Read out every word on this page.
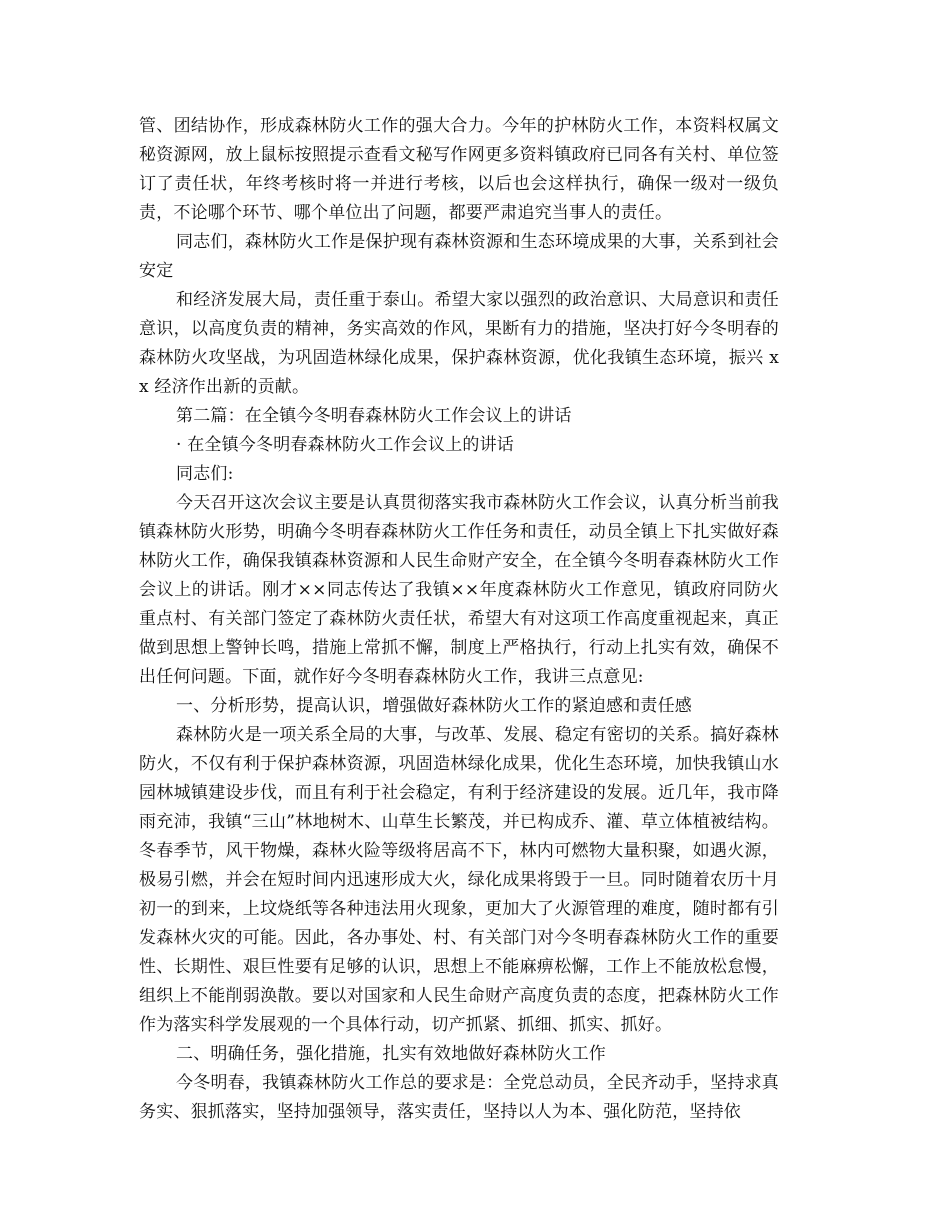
管、团结协作，形成森林防火工作的强大合力。今年的护林防火工作，本资料权属文秘资源网，放上鼠标按照提示查看文秘写作网更多资料镇政府已同各有关村、单位签订了责任状，年终考核时将一并进行考核，以后也会这样执行，确保一级对一级负责，不论哪个环节、哪个单位出了问题，都要严肃追究当事人的责任。

同志们，森林防火工作是保护现有森林资源和生态环境成果的大事，关系到社会安定

和经济发展大局，责任重于泰山。希望大家以强烈的政治意识、大局意识和责任意识，以高度负责的精神，务实高效的作风，果断有力的措施，坚决打好今冬明春的森林防火攻坚战，为巩固造林绿化成果，保护森林资源，优化我镇生态环境，振兴 xx 经济作出新的贡献。

第二篇：在全镇今冬明春森林防火工作会议上的讲话

· 在全镇今冬明春森林防火工作会议上的讲话

同志们:

今天召开这次会议主要是认真贯彻落实我市森林防火工作会议，认真分析当前我镇森林防火形势，明确今冬明春森林防火工作任务和责任，动员全镇上下扎实做好森林防火工作，确保我镇森林资源和人民生命财产安全，在全镇今冬明春森林防火工作会议上的讲话。刚才××同志传达了我镇××年度森林防火工作意见，镇政府同防火重点村、有关部门签定了森林防火责任状，希望大有对这项工作高度重视起来，真正做到思想上警钟长鸣，措施上常抓不懈，制度上严格执行，行动上扎实有效，确保不出任何问题。下面，就作好今冬明春森林防火工作，我讲三点意见:

一、分析形势，提高认识，增强做好森林防火工作的紧迫感和责任感

森林防火是一项关系全局的大事，与改革、发展、稳定有密切的关系。搞好森林防火，不仅有利于保护森林资源，巩固造林绿化成果，优化生态环境，加快我镇山水园林城镇建设步伐，而且有利于社会稳定，有利于经济建设的发展。近几年，我市降雨充沛，我镇“三山”林地树木、山草生长繁茂，并已构成乔、灌、草立体植被结构。冬春季节，风干物燥，森林火险等级将居高不下，林内可燃物大量积聚，如遇火源，极易引燃，并会在短时间内迅速形成大火，绿化成果将毁于一旦。同时随着农历十月初一的到来，上坟烧纸等各种违法用火现象，更加大了火源管理的难度，随时都有引发森林火灾的可能。因此，各办事处、村、有关部门对今冬明春森林防火工作的重要性、长期性、艰巨性要有足够的认识，思想上不能麻痹松懈，工作上不能放松怠慢，组织上不能削弱涣散。要以对国家和人民生命财产高度负责的态度，把森林防火工作作为落实科学发展观的一个具体行动，切产抓紧、抓细、抓实、抓好。

二、明确任务，强化措施，扎实有效地做好森林防火工作

今冬明春，我镇森林防火工作总的要求是：全党总动员，全民齐动手，坚持求真务实、狠抓落实，坚持加强领导，落实责任，坚持以人为本、强化防范，坚持依
